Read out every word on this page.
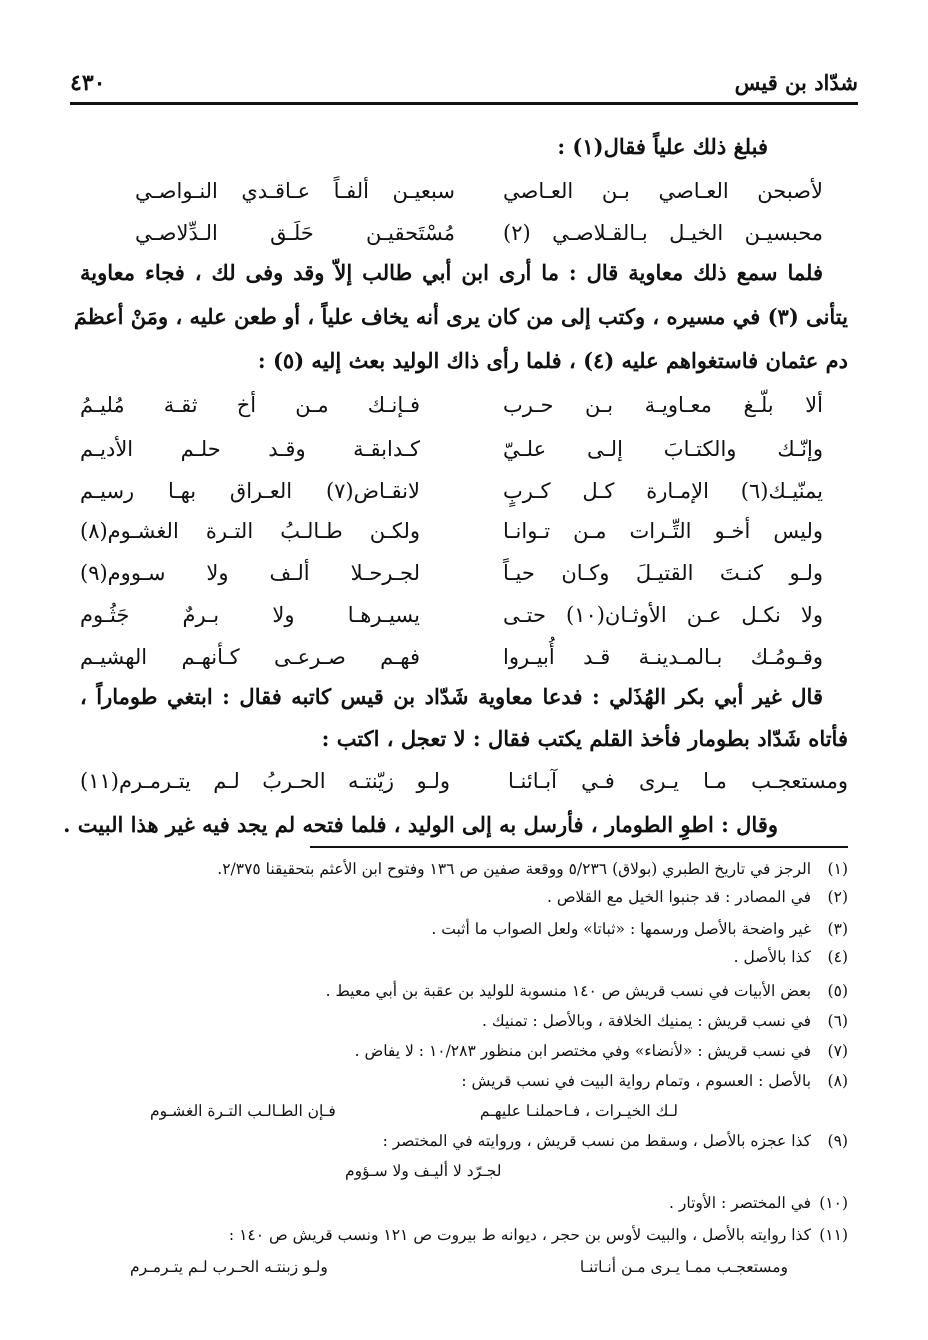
شدّاد بن قيس
٤٣٠
فبلغ ذلك علياً فقال(١) :
لأصبحن العـاصي بـن العـاصي
سبعيـن ألفـاً عـاقـدي النـواصـي
محبسيـن الخيـل بـالقـلاصـي (٢)
مُسْتَحقيـن حَلَـق الـدِّلاصـي
فلما سمع ذلك معاوية قال : ما أرى ابن أبي طالب إلاّ وقد وفى لك ، فجاء معاوية
يتأنى (٣) في مسيره ، وكتب إلى من كان يرى أنه يخاف علياً ، أو طعن عليه ، ومَنْ أعظمَ
دم عثمان فاستغواهم عليه (٤) ، فلما رأى ذاك الوليد بعث إليه (٥) :
ألا بلّـغ معـاويـة بـن حـرب
فـإنـك مـن أخ ثقـة مُليـمُ
وإنّـك والكتـابَ إلـى علـيّ
كـدابقـة وقـد حلـم الأديـم
يمنّيـك(٦) الإمـارة كـل كـربٍ
لانقـاض(٧) العـراق بهـا رسيـم
وليس أخـو التِّـرات مـن تـوانـا
ولكـن طـالـبُ التـرة الغشـوم(٨)
ولـو كنـتَ القتيـلَ وكـان حيـاً
لجـرحـلا ألـف ولا سـووم(٩)
ولا نكـل عـن الأوثـان(١٠) حتـى
يسيـرهـا ولا بـرمٌ جَثُـوم
وقـومُـك بـالمـدينـة قـد أُبيـروا
فهـم صـرعـى كـأنهـم الهشيـم
قال غير أبي بكر الهُذَلي : فدعا معاوية شَدّاد بن قيس كاتبه فقال : ابتغي طوماراً ،
فأتاه شَدّاد بطومار فأخذ القلم يكتب فقال : لا تعجل ، اكتب :
ومستعجـب مـا يـرى فـي آبـائنـا
ولـو زيّنتـه الحـربُ لـم يتـرمـرم(١١)
وقال : اطوِ الطومار ، فأرسل به إلى الوليد ، فلما فتحه لم يجد فيه غير هذا البيت .
(١) الرجز في تاريخ الطبري (بولاق) ٥/٢٣٦ ووقعة صفين ص ١٣٦ وفتوح ابن الأعثم بتحقيقنا ٢/٣٧٥.
(٢) في المصادر : قد جنبوا الخيل مع القلاص .
(٣) غير واضحة بالأصل ورسمها : «ثباتا» ولعل الصواب ما أثبت .
(٤) كذا بالأصل .
(٥) بعض الأبيات في نسب قريش ص ١٤٠ منسوبة للوليد بن عقبة بن أبي معيط .
(٦) في نسب قريش : يمنيك الخلافة ، وبالأصل : تمنيك .
(٧) في نسب قريش : «لأنضاء» وفي مختصر ابن منظور ١٠/٢٨٣ : لا يفاض .
(٨) بالأصل : العسوم ، وتمام رواية البيت في نسب قريش :
لـك الخيـرات ، فـاحملنـا عليهـم
فـإن الطـالـب التـرة الغشـوم
(٩) كذا عجزه بالأصل ، وسقط من نسب قريش ، وروايته في المختصر :
لجـرّد لا أليـف ولا سـؤوم
(١٠) في المختصر : الأوتار .
(١١) كذا روايته بالأصل ، والبيت لأوس بن حجر ، ديوانه ط بيروت ص ١٢١ ونسب قريش ص ١٤٠ :
ومستعجـب ممـا يـرى مـن أنـاتنـا
ولـو زبنتـه الحـرب لـم يتـرمـرم
